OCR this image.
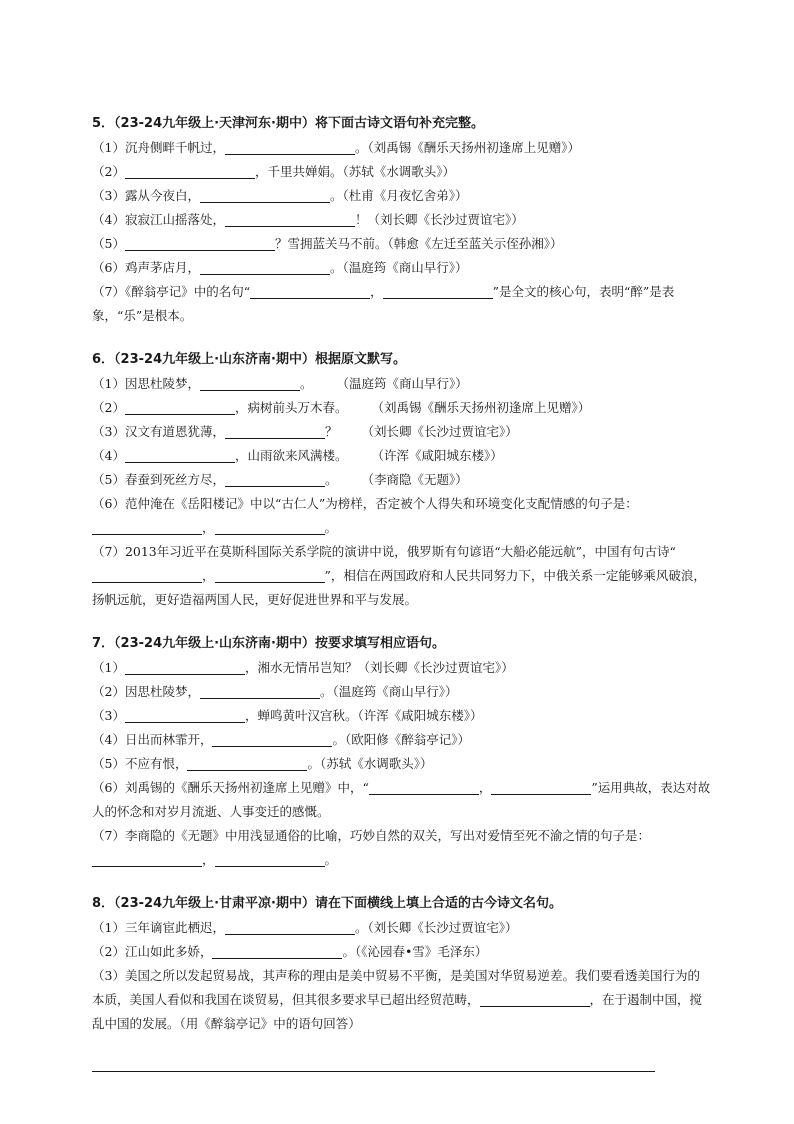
5．（23-24九年级上·天津河东·期中）将下面古诗文语句补充完整。
（1）沉舟侧畔千帆过，	。（刘禹锡《酬乐天扬州初逢席上见赠》）
（2）	，千里共婵娟。（苏轼《水调歌头》）
（3）露从今夜白，	。（杜甫《月夜忆舍弟》）
（4）寂寂江山摇落处，	！（刘长卿《长沙过贾谊宅》）
（5）	？雪拥蓝关马不前。（韩愈《左迁至蓝关示侄孙湘》）
（6）鸡声茅店月，	。（温庭筠《商山早行》）
（7）《醉翁亭记》中的名句“	，	”是全文的核心句，表明“醉”是表象，“乐”是根本。
6．（23-24九年级上·山东济南·期中）根据原文默写。
（1）因思杜陵梦，	。 （温庭筠《商山早行》）
（2）	，病树前头万木春。 （刘禹锡《酬乐天扬州初逢席上见赠》）
（3）汉文有道恩犹薄，	？ （刘长卿《长沙过贾谊宅》）
（4）	，山雨欲来风满楼。 （许浑《咸阳城东楼》）
（5）春蚕到死丝方尽，	。 （李商隐《无题》）
（6）范仲淹在《岳阳楼记》中以“古仁人”为榜样，否定被个人得失和环境变化支配情感的句子是：，	。
（7）2013年习近平在莫斯科国际关系学院的演讲中说，俄罗斯有句谚语“大船必能远航”，中国有句古诗“，	”，相信在两国政府和人民共同努力下，中俄关系一定能够乘风破浪，扬帆远航，更好造福两国人民，更好促进世界和平与发展。
7．（23-24九年级上·山东济南·期中）按要求填写相应语句。
（1）	，湘水无情吊岂知？（刘长卿《长沙过贾谊宅》）
（2）因思杜陵梦，	。（温庭筠《商山早行》）
（3）	，蝉鸣黄叶汉宫秋。（许浑《咸阳城东楼》）
（4）日出而林霏开，	。（欧阳修《醉翁亭记》）
（5）不应有恨，	。（苏轼《水调歌头》）
（6）刘禹锡的《酬乐天扬州初逢席上见赠》中，“	，	”运用典故，表达对故人的怀念和对岁月流逝、人事变迁的感慨。
（7）李商隐的《无题》中用浅显通俗的比喻，巧妙自然的双关，写出对爱情至死不渝之情的句子是：，	。
8．（23-24九年级上·甘肃平凉·期中）请在下面横线上填上合适的古今诗文名句。
（1）三年谪宦此栖迟，	。（刘长卿《长沙过贾谊宅》）
（2）江山如此多娇，	。（《沁园春•雪》毛泽东）
（3）美国之所以发起贸易战，其声称的理由是美中贸易不平衡，是美国对华贸易逆差。我们要看透美国行为的本质，美国人看似和我国在谈贸易，但其很多要求早已超出经贸范畴，	，在于遏制中国，搅乱中国的发展。（用《醉翁亭记》中的语句回答）
